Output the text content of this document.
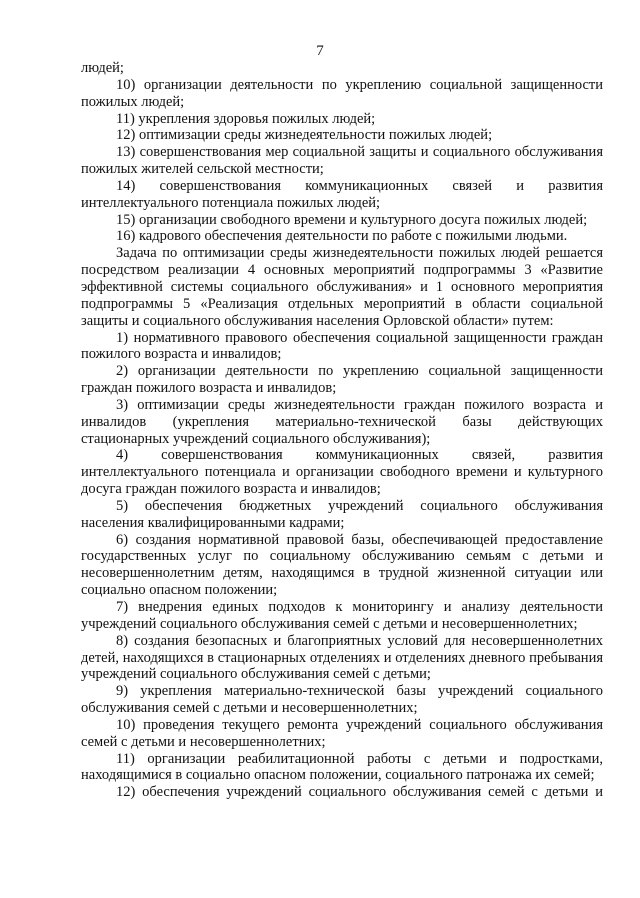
7

людей;

10) организации деятельности по укреплению социальной защищенности пожилых людей;

11) укрепления здоровья пожилых людей;

12) оптимизации среды жизнедеятельности пожилых людей;

13) совершенствования мер социальной защиты и социального обслуживания пожилых жителей сельской местности;

14) совершенствования коммуникационных связей и развития интеллектуального потенциала пожилых людей;

15) организации свободного времени и культурного досуга пожилых людей;

16) кадрового обеспечения деятельности по работе с пожилыми людьми.

Задача по оптимизации среды жизнедеятельности пожилых людей решается посредством реализации 4 основных мероприятий подпрограммы 3 «Развитие эффективной системы социального обслуживания» и 1 основного мероприятия подпрограммы 5 «Реализация отдельных мероприятий в области социальной защиты и социального обслуживания населения Орловской области» путем:

1) нормативного правового обеспечения социальной защищенности граждан пожилого возраста и инвалидов;

2) организации деятельности по укреплению социальной защищенности граждан пожилого возраста и инвалидов;

3) оптимизации среды жизнедеятельности граждан пожилого возраста и инвалидов (укрепления материально-технической базы действующих стационарных учреждений социального обслуживания);

4) совершенствования коммуникационных связей, развития интеллектуального потенциала и организации свободного времени и культурного досуга граждан пожилого возраста и инвалидов;

5) обеспечения бюджетных учреждений социального обслуживания населения квалифицированными кадрами;

6) создания нормативной правовой базы, обеспечивающей предоставление государственных услуг по социальному обслуживанию семьям с детьми и несовершеннолетним детям, находящимся в трудной жизненной ситуации или социально опасном положении;

7) внедрения единых подходов к мониторингу и анализу деятельности учреждений социального обслуживания семей с детьми и несовершеннолетних;

8) создания безопасных и благоприятных условий для несовершеннолетних детей, находящихся в стационарных отделениях и отделениях дневного пребывания учреждений социального обслуживания семей с детьми;

9) укрепления материально-технической базы учреждений социального обслуживания семей с детьми и несовершеннолетних;

10) проведения текущего ремонта учреждений социального обслуживания семей с детьми и несовершеннолетних;

11) организации реабилитационной работы с детьми и подростками, находящимися в социально опасном положении, социального патронажа их семей;

12) обеспечения учреждений социального обслуживания семей с детьми и
